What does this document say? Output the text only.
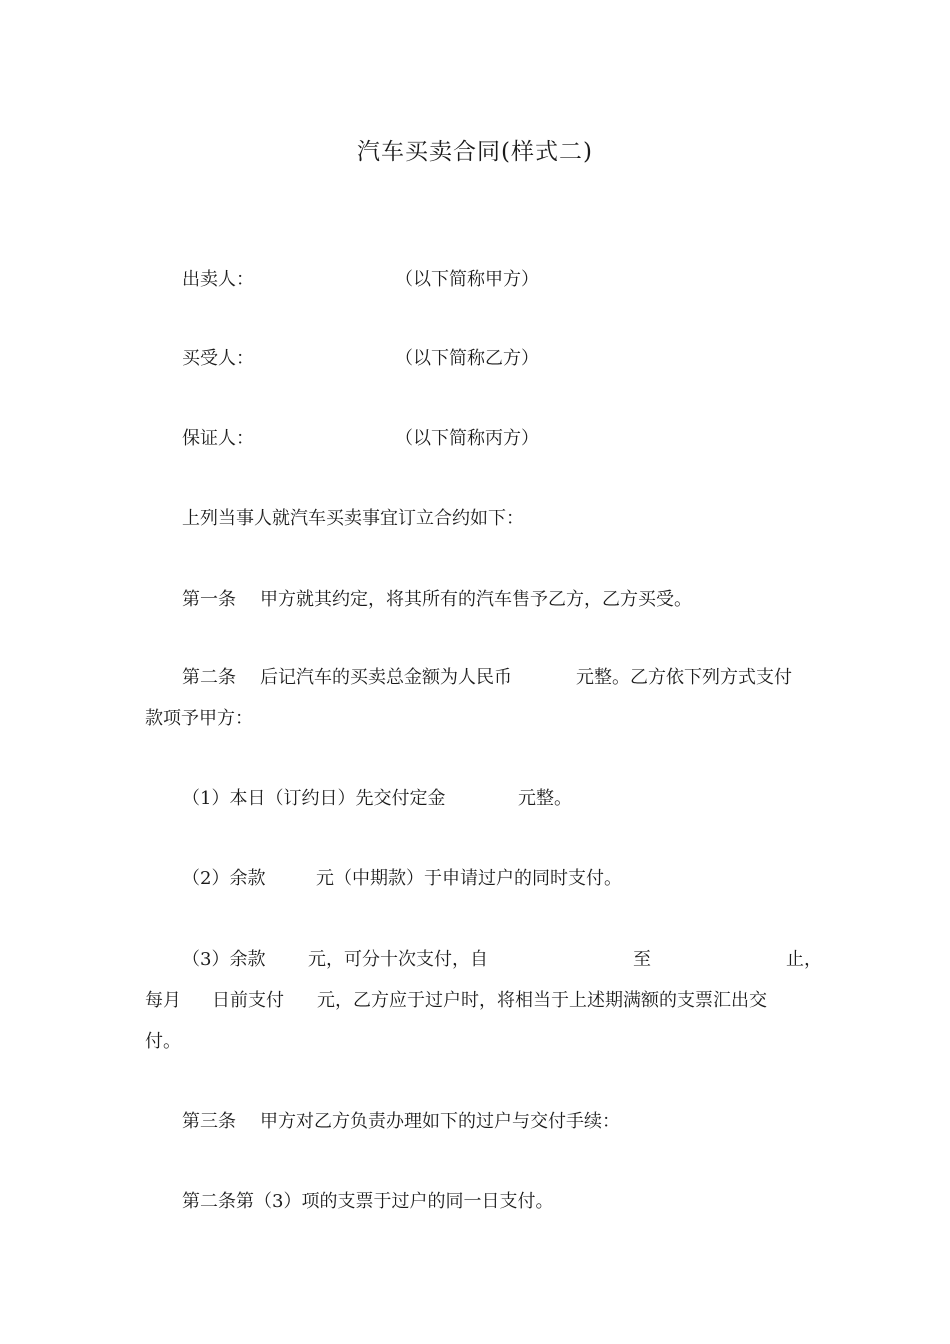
汽车买卖合同(样式二)
出卖人：	（以下简称甲方）
买受人：	（以下简称乙方）
保证人：	（以下简称丙方）
上列当事人就汽车买卖事宜订立合约如下：
第一条 甲方就其约定，将其所有的汽车售予乙方，乙方买受。
第二条 后记汽车的买卖总金额为人民币	元整。乙方依下列方式支付
款项予甲方：
（1）本日（订约日）先交付定金	元整。
（2）余款	元（中期款）于申请过户的同时支付。
（3）余款 元，可分十次支付，自	至	止，
每月 日前支付 元，乙方应于过户时，将相当于上述期满额的支票汇出交
付。
第三条 甲方对乙方负责办理如下的过户与交付手续：
第二条第（3）项的支票于过户的同一日支付。
